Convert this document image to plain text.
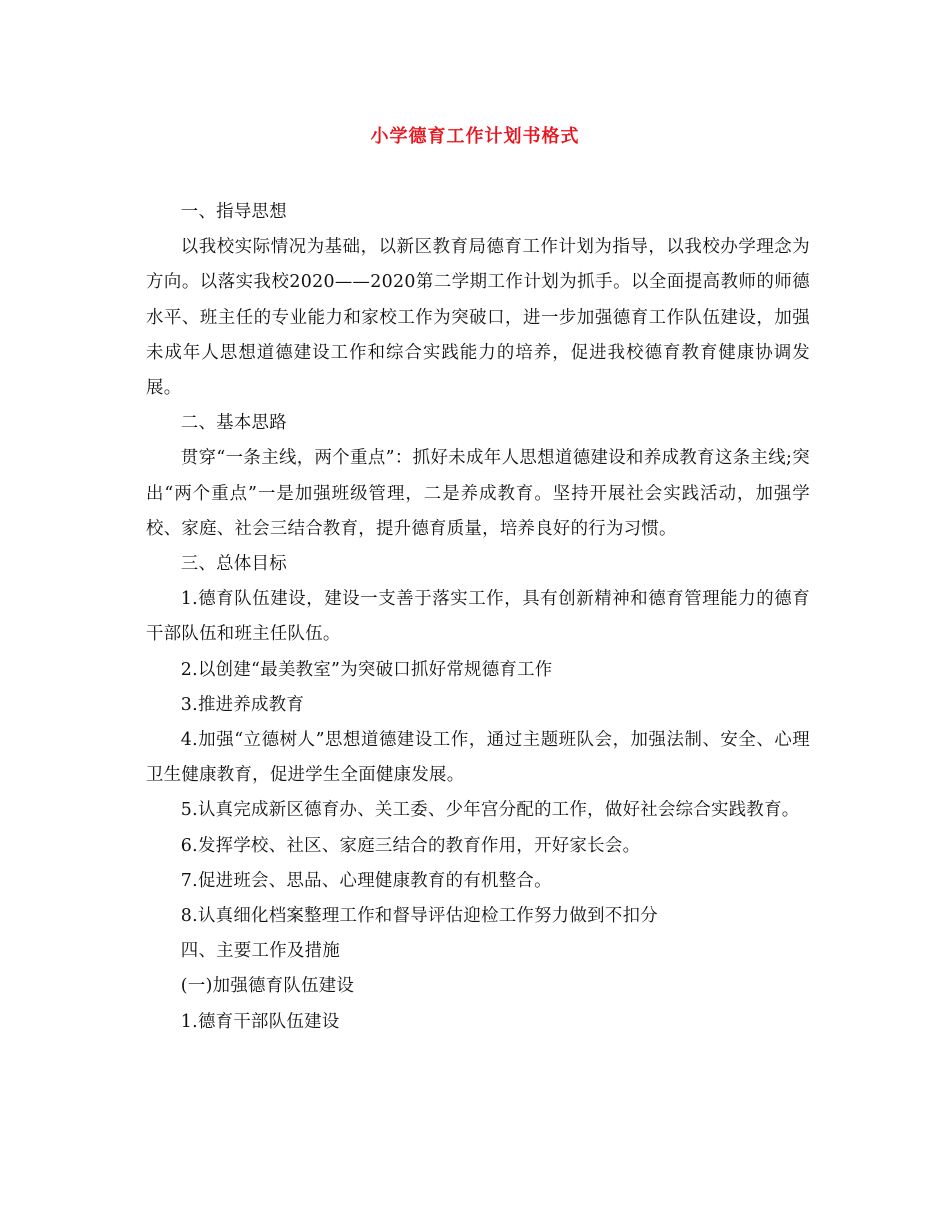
小学德育工作计划书格式

一、指导思想

以我校实际情况为基础，以新区教育局德育工作计划为指导，以我校办学理念为方向。以落实我校2020——2020第二学期工作计划为抓手。以全面提高教师的师德水平、班主任的专业能力和家校工作为突破口，进一步加强德育工作队伍建设，加强未成年人思想道德建设工作和综合实践能力的培养，促进我校德育教育健康协调发展。

二、基本思路

贯穿“一条主线，两个重点”：抓好未成年人思想道德建设和养成教育这条主线;突出“两个重点”一是加强班级管理，二是养成教育。坚持开展社会实践活动，加强学校、家庭、社会三结合教育，提升德育质量，培养良好的行为习惯。

三、总体目标

1.德育队伍建设，建设一支善于落实工作，具有创新精神和德育管理能力的德育干部队伍和班主任队伍。

2.以创建“最美教室”为突破口抓好常规德育工作

3.推进养成教育

4.加强“立德树人”思想道德建设工作，通过主题班队会，加强法制、安全、心理卫生健康教育，促进学生全面健康发展。

5.认真完成新区德育办、关工委、少年宫分配的工作，做好社会综合实践教育。

6.发挥学校、社区、家庭三结合的教育作用，开好家长会。

7.促进班会、思品、心理健康教育的有机整合。

8.认真细化档案整理工作和督导评估迎检工作努力做到不扣分

四、主要工作及措施

(一)加强德育队伍建设

1.德育干部队伍建设
